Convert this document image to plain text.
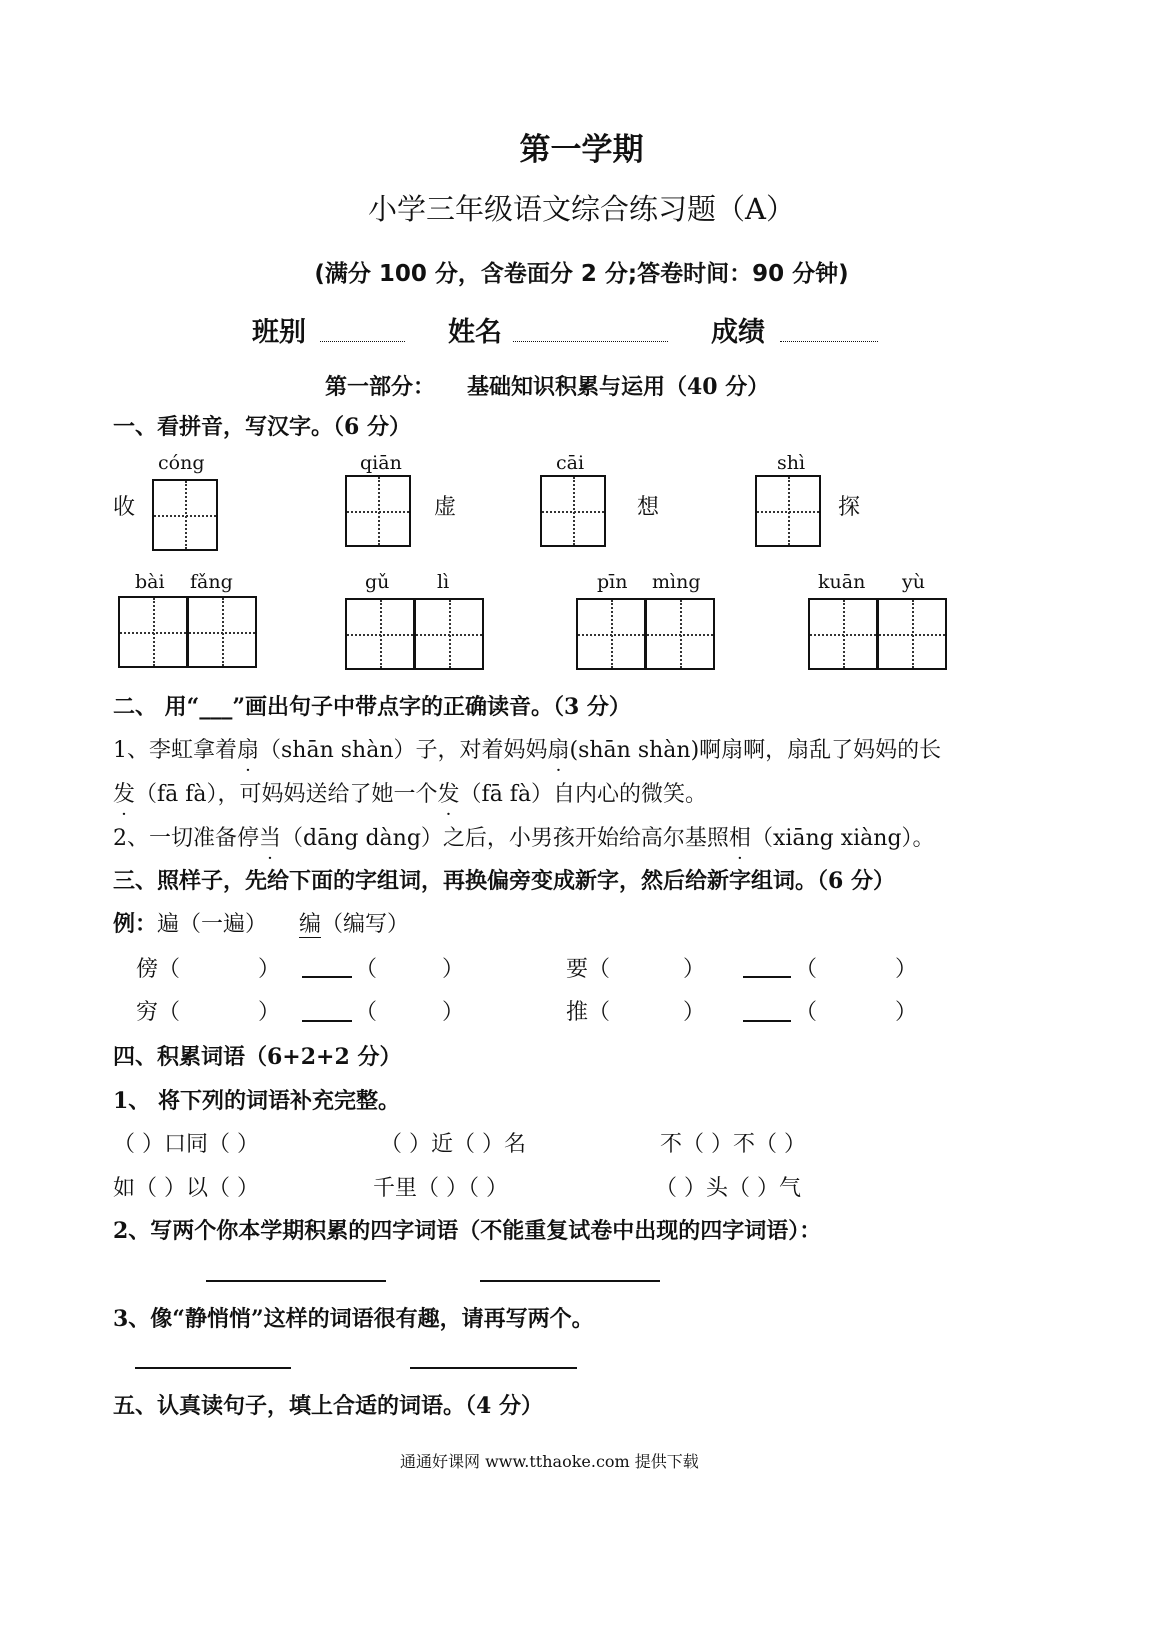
第一学期
小学三年级语文综合练习题（A）
(满分 100 分，含卷面分 2 分;答卷时间：90 分钟)
班别	姓名	成绩
第一部分： 基础知识积累与运用（40 分）
一、看拼音，写汉字。（6 分）
cóng
收
qiān
虚
cāi
想
shì
探
bài fǎng	gǔ	lì	pīn mìng	kuān yù
二、 用“___”画出句子中带点字的正确读音。（3 分）
1、李虹拿着扇（shān shàn）子，对着妈妈扇(shān shàn)啊扇啊，扇乱了妈妈的长
发（fā fà），可妈妈送给了她一个发（fā fà）自内心的微笑。
2、一切准备停当（dāng dàng）之后，小男孩开始给高尔基照相（xiāng xiàng）。
三、照样子，先给下面的字组词，再换偏旁变成新字，然后给新字组词。（6 分）
例：遍（一遍） 编（编写）
傍（	）	（	）	要（	）	（	）
穷（	）	（	）	推（	）	（	）
四、积累词语（6+2+2 分）
1、 将下列的词语补充完整。
（ ）口同（ ）	（ ）近（ ）名	不（ ）不（ ）
如（ ）以（ ）	千里（ ）（ ）	（ ）头（ ）气
2、写两个你本学期积累的四字词语（不能重复试卷中出现的四字词语）：
3、像“静悄悄”这样的词语很有趣，请再写两个。
五、认真读句子，填上合适的词语。（4 分）
通通好课网 www.tthaoke.com 提供下载
